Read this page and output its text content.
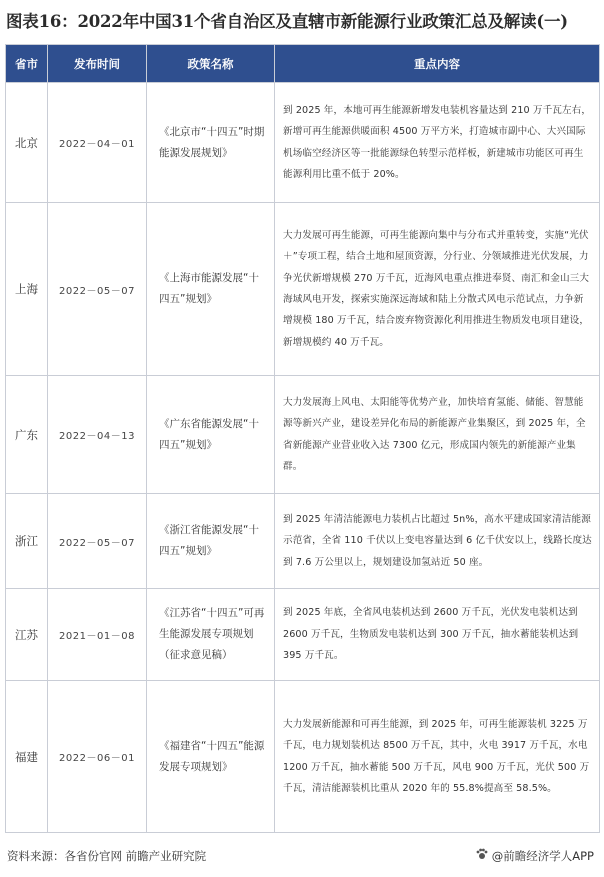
图表16：2022年中国31个省自治区及直辖市新能源行业政策汇总及解读(一)
省市	发布时间	政策名称	重点内容
北京	2022－04－01	《北京市“十四五”时期能源发展规划》	到 2025 年，本地可再生能源新增发电装机容量达到 210 万千瓦左右，新增可再生能源供暖面积 4500 万平方米，打造城市副中心、大兴国际机场临空经济区等一批能源绿色转型示范样板，新建城市功能区可再生能源利用比重不低于 20%。
上海	2022－05－07	《上海市能源发展“十四五”规划》	大力发展可再生能源，可再生能源向集中与分布式并重转变，实施“光伏＋”专项工程，结合土地和屋顶资源，分行业、分领域推进光伏发展，力争光伏新增规模 270 万千瓦，近海风电重点推进奉贤、南汇和金山三大海域风电开发，探索实施深远海域和陆上分散式风电示范试点，力争新增规模 180 万千瓦，结合废弃物资源化利用推进生物质发电项目建设，新增规模约 40 万千瓦。
广东	2022－04－13	《广东省能源发展“十四五”规划》	大力发展海上风电、太阳能等优势产业，加快培育氢能、储能、智慧能源等新兴产业，建设差异化布局的新能源产业集聚区，到 2025 年，全省新能源产业营业收入达 7300 亿元，形成国内领先的新能源产业集群。
浙江	2022－05－07	《浙江省能源发展“十四五”规划》	到 2025 年清洁能源电力装机占比超过 5n%，高水平建成国家清洁能源示范省，全省 110 千伏以上变电容量达到 6 亿千伏安以上，线路长度达到 7.6 万公里以上，规划建设加氢站近 50 座。
江苏	2021－01－08	《江苏省“十四五”可再生能源发展专项规划（征求意见稿）	到 2025 年底，全省风电装机达到 2600 万千瓦，光伏发电装机达到 2600 万千瓦，生物质发电装机达到 300 万千瓦，抽水蓄能装机达到 395 万千瓦。
福建	2022－06－01	《福建省“十四五”能源发展专项规划》	大力发展新能源和可再生能源，到 2025 年，可再生能源装机 3225 万千瓦，电力规划装机达 8500 万千瓦，其中，火电 3917 万千瓦，水电 1200 万千瓦，抽水蓄能 500 万千瓦，风电 900 万千瓦，光伏 500 万千瓦，清洁能源装机比重从 2020 年的 55.8%提高至 58.5%。
资料来源：各省份官网 前瞻产业研究院	@前瞻经济学人APP
